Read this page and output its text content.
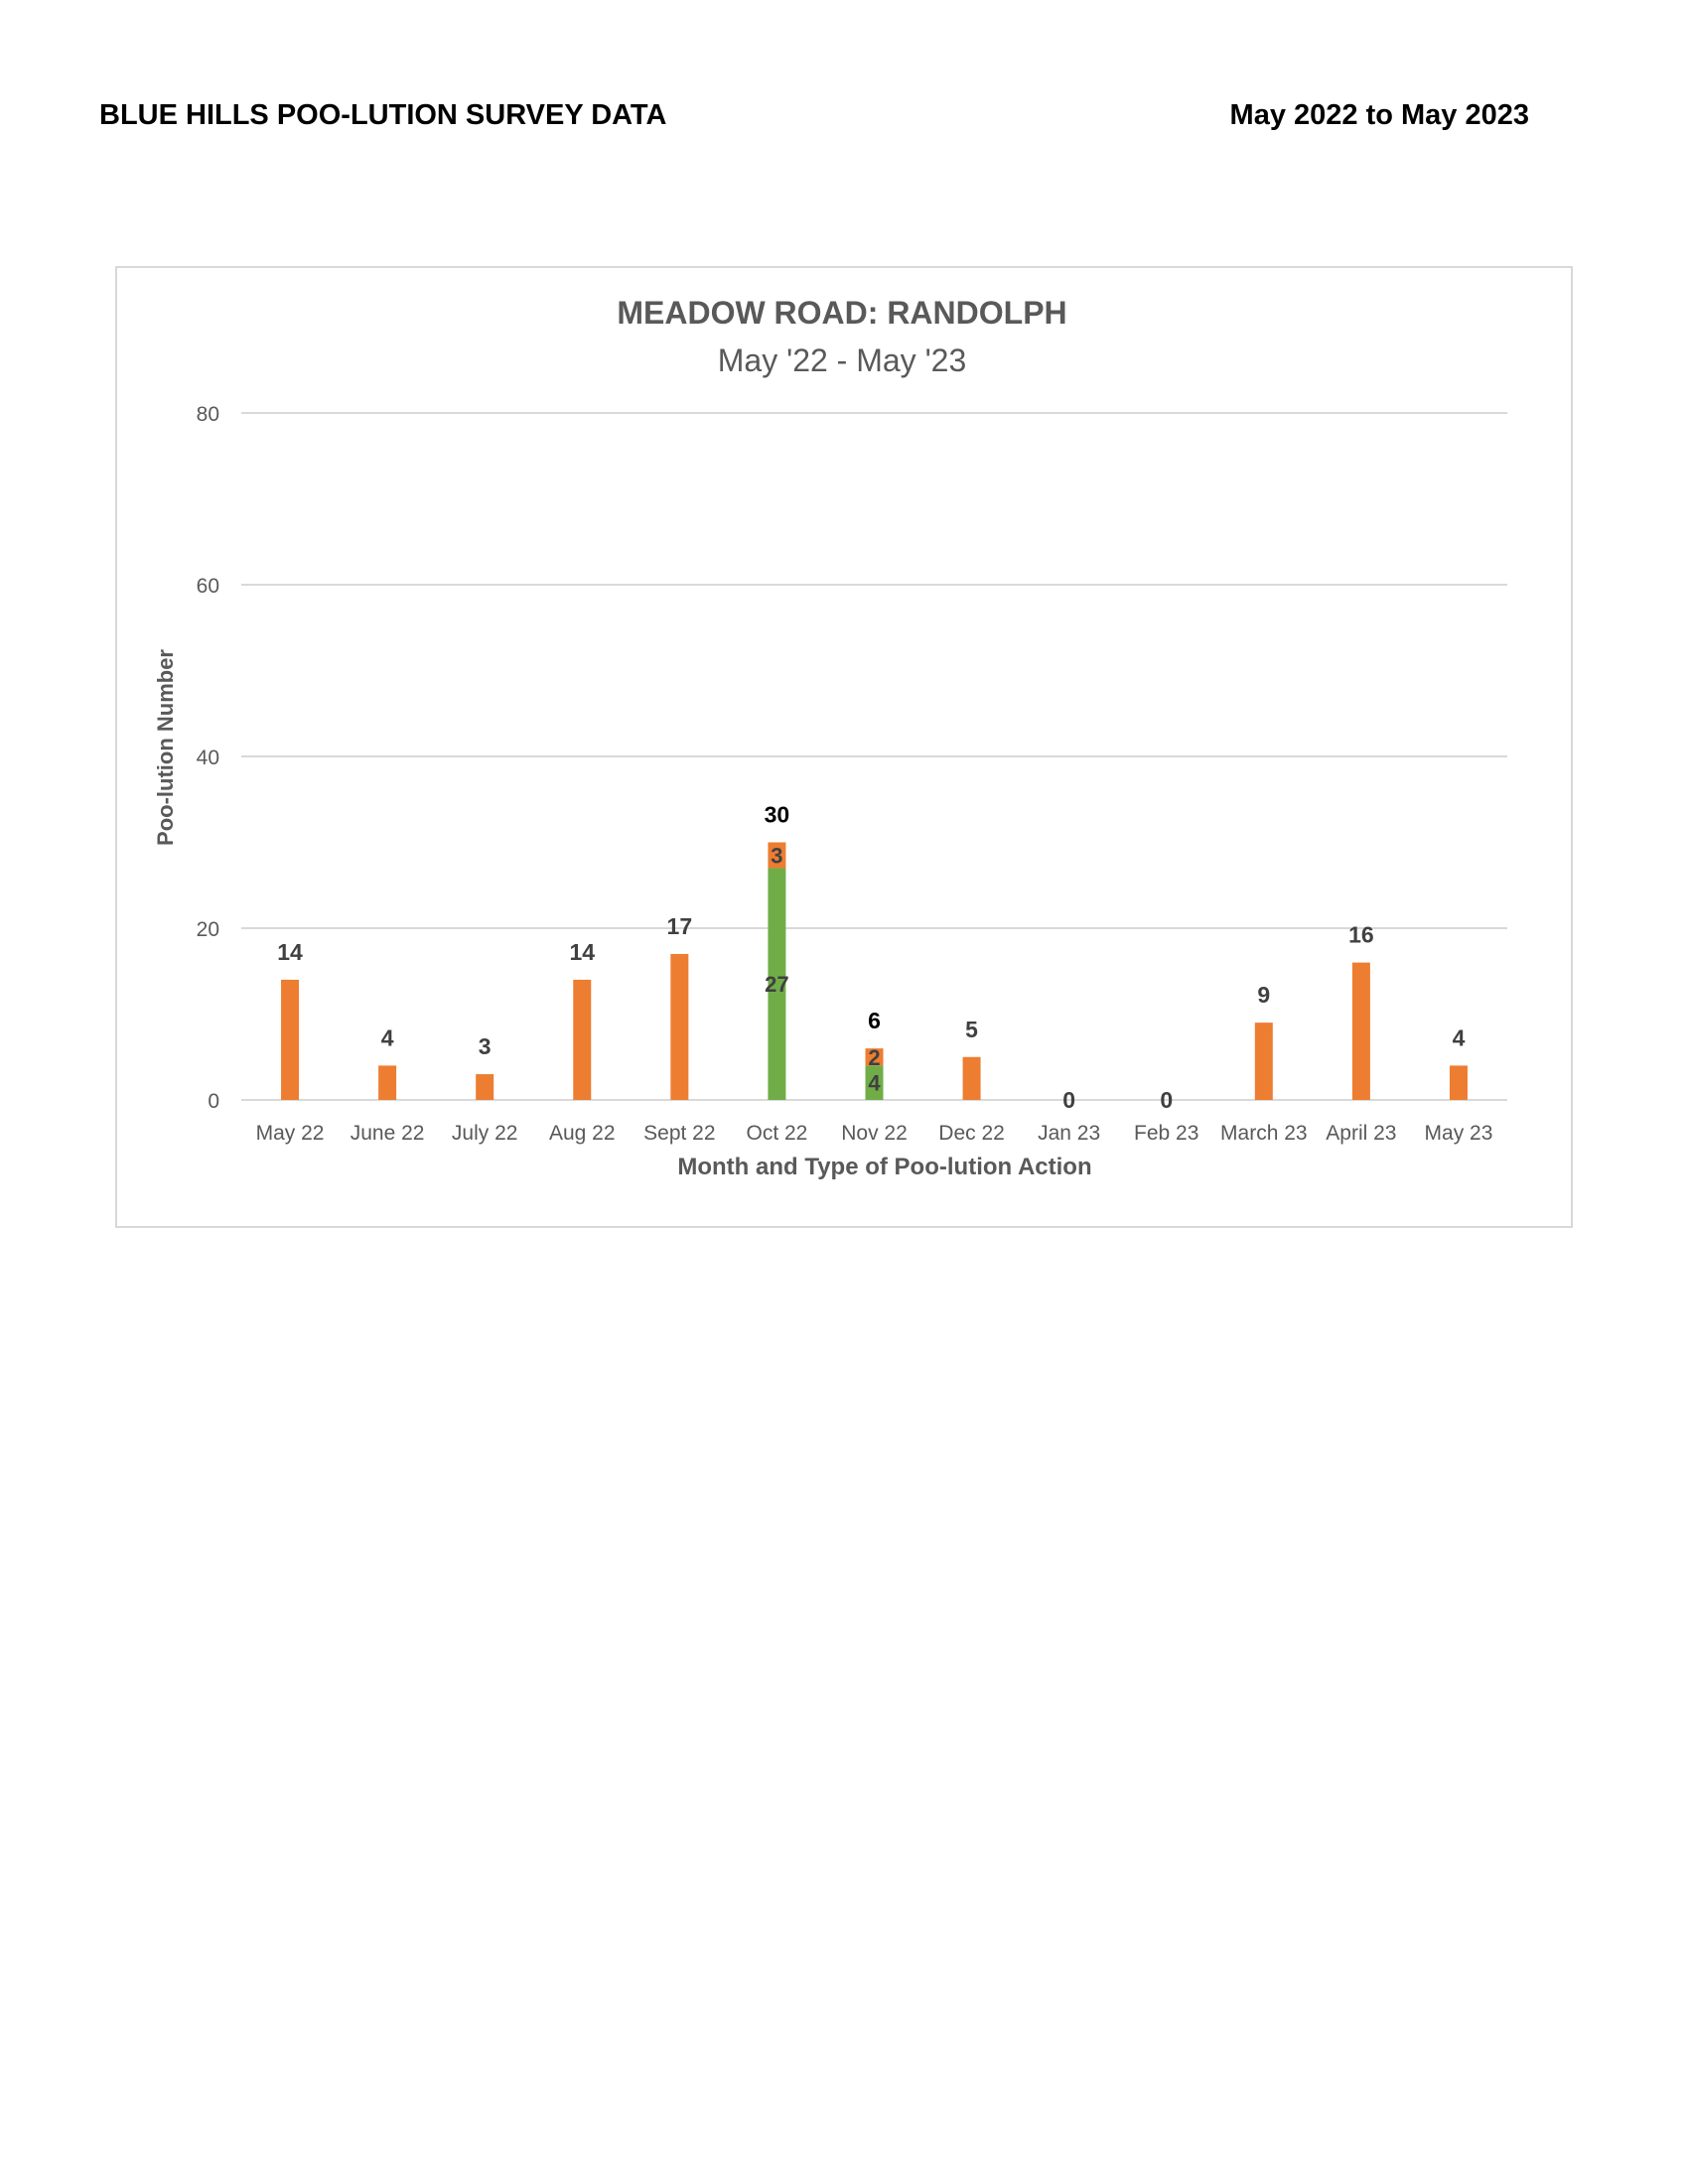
BLUE HILLS POO-LUTION SURVEY DATA	May 2022 to May 2023
MEADOW ROAD: RANDOLPH
May '22 - May '23
0
20
40
60
80
14
4	3
14
17
27
3
30
4
2
6	5
0	0
9
16
4
May 22 June 22 July 22 Aug 22 Sept 22 Oct 22 Nov 22 Dec 22 Jan 23 Feb 23 March 23 April 23 May 23
Poo-lution Number
Month and Type of Poo-lution Action
